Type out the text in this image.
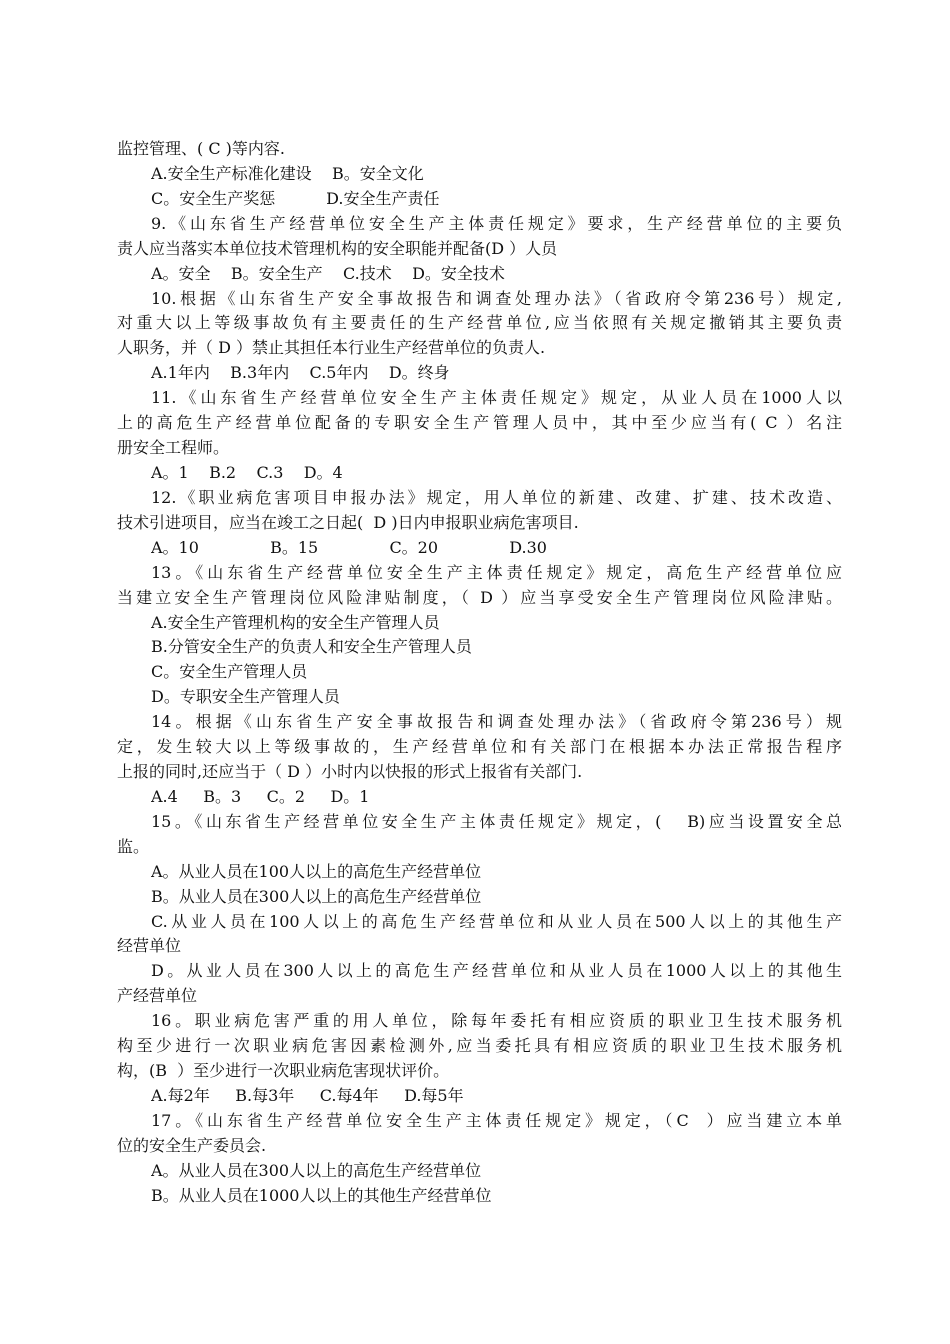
监控管理、( C )等内容.
A.安全生产标准化建设    B。安全文化
C。安全生产奖惩          D.安全生产责任
9.《山东省生产经营单位安全生产主体责任规定》要求，生产经营单位的主要负
责人应当落实本单位技术管理机构的安全职能并配备(D ）人员
A。安全    B。安全生产    C.技术    D。安全技术
10.根据《山东省生产安全事故报告和调查处理办法》（省政府令第236号）规定,
对重大以上等级事故负有主要责任的生产经营单位,应当依照有关规定撤销其主要负责
人职务，并（ D ）禁止其担任本行业生产经营单位的负责人.
A.1年内    B.3年内    C.5年内    D。终身
11.《山东省生产经营单位安全生产主体责任规定》规定，从业人员在1000人以
上的高危生产经营单位配备的专职安全生产管理人员中，其中至少应当有( C ）名注
册安全工程师。
A。1    B.2    C.3    D。4
12.《职业病危害项目申报办法》规定，用人单位的新建、改建、扩建、技术改造、
技术引进项目，应当在竣工之日起(  D )日内申报职业病危害项目.
A。10              B。15              C。20              D.30
13。《山东省生产经营单位安全生产主体责任规定》规定，高危生产经营单位应
当建立安全生产管理岗位风险津贴制度，（ D ）应当享受安全生产管理岗位风险津贴。
A.安全生产管理机构的安全生产管理人员
B.分管安全生产的负责人和安全生产管理人员
C。安全生产管理人员
D。专职安全生产管理人员
14。根据《山东省生产安全事故报告和调查处理办法》（省政府令第236号）规
定，发生较大以上等级事故的，生产经营单位和有关部门在根据本办法正常报告程序
上报的同时,还应当于（ D ）小时内以快报的形式上报省有关部门.
A.4     B。3     C。2     D。1
15。《山东省生产经营单位安全生产主体责任规定》规定，(   B)应当设置安全总
监。
A。从业人员在100人以上的高危生产经营单位
B。从业人员在300人以上的高危生产经营单位
C.从业人员在100人以上的高危生产经营单位和从业人员在500人以上的其他生产
经营单位
D。从业人员在300人以上的高危生产经营单位和从业人员在1000人以上的其他生
产经营单位
16。职业病危害严重的用人单位，除每年委托有相应资质的职业卫生技术服务机
构至少进行一次职业病危害因素检测外,应当委托具有相应资质的职业卫生技术服务机
构，(B  ）至少进行一次职业病危害现状评价。
A.每2年     B.每3年     C.每4年     D.每5年
17。《山东省生产经营单位安全生产主体责任规定》规定，（C  ）应当建立本单
位的安全生产委员会.
A。从业人员在300人以上的高危生产经营单位
B。从业人员在1000人以上的其他生产经营单位
